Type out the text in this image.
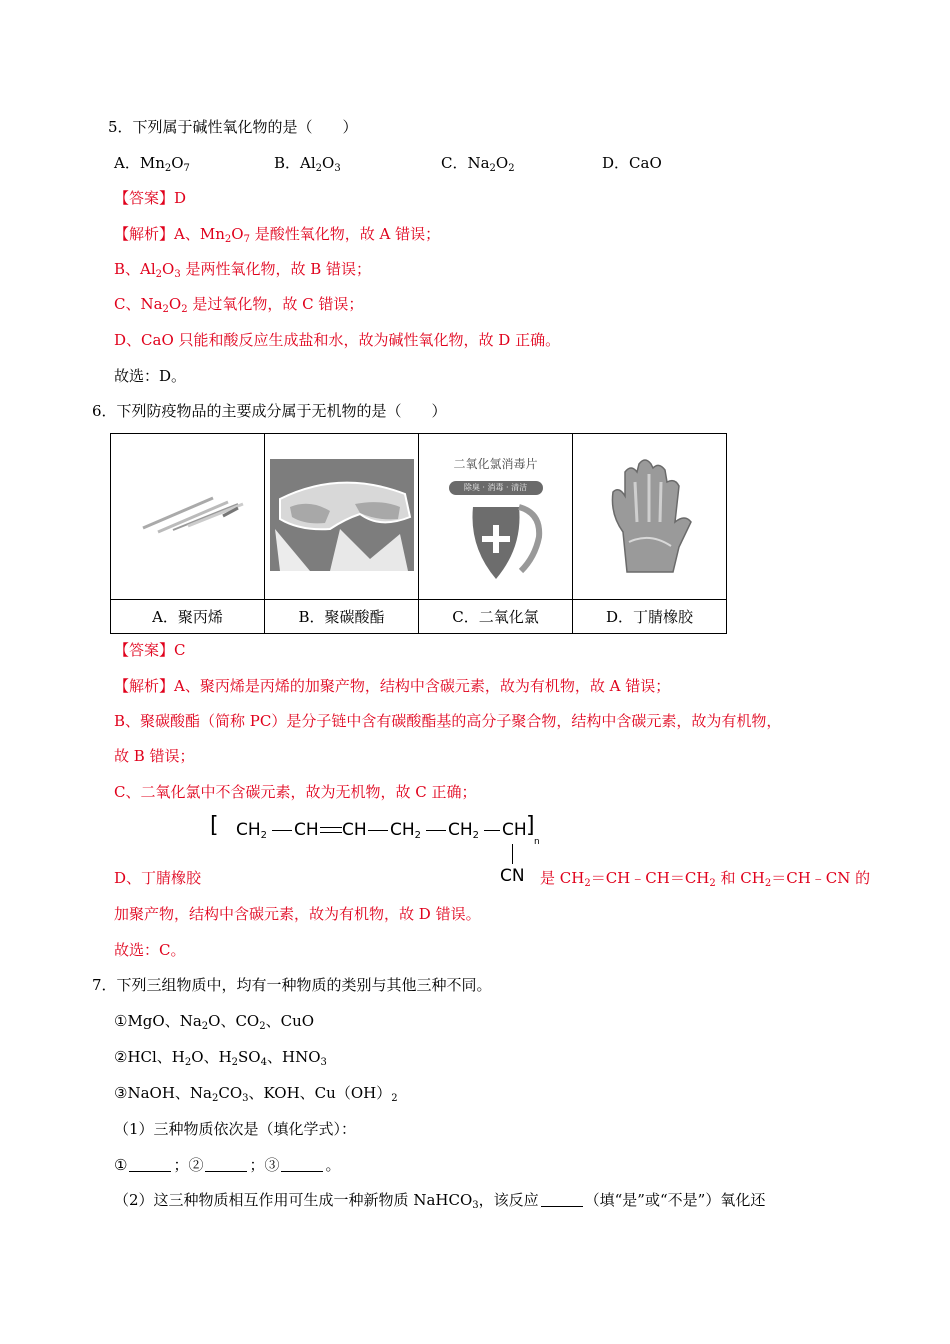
5．下列属于碱性氧化物的是（　　）
A．$Mn_2O_7$	B．$Al_2O_3$	C．$Na_2O_2$	D．CaO
【答案】D
【解析】A、$Mn_2O_7$ 是酸性氧化物，故 A 错误；
B、$Al_2O_3$ 是两性氧化物，故 B 错误；
C、$Na_2O_2$ 是过氧化物，故 C 错误；
D、CaO 只能和酸反应生成盐和水，故为碱性氧化物，故 D 正确。
故选：D。
6．下列防疫物品的主要成分属于无机物的是（　　）

二氧化氯消毒片
除臭 · 消毒 · 清洁

A．聚丙烯	B．聚碳酸酯	C．二氧化氯	D．丁腈橡胶
【答案】C
【解析】A、聚丙烯是丙烯的加聚产物，结构中含碳元素，故为有机物，故 A 错误；
B、聚碳酸酯（简称 PC）是分子链中含有碳酸酯基的高分子聚合物，结构中含碳元素，故为有机物，
故 B 错误；
C、二氧化氯中不含碳元素，故为无机物，故 C 正确；
[ $CH_2$ CH CH $CH_2$ $CH_2$	CH ]
n
CN
D、丁腈橡胶	是 $CH_2=CH﹣CH=CH_2$ 和 $CH_2=CH﹣CN$ 的
加聚产物，结构中含碳元素，故为有机物，故 D 错误。
故选：C。
7．下列三组物质中，均有一种物质的类别与其他三种不同。
①MgO、$Na_2O$、$CO_2$、CuO
②HCl、$H_2O$、$H_2SO_4$、$HNO_3$
③NaOH、$Na_2CO_3$、KOH、$Cu(OH)_2$
（1）三种物质依次是（填化学式）：
①	；②	；③	。
（2）这三种物质相互作用可生成一种新物质 NaHCO$_3$，该反应	（填“是”或“不是”）氧化还
